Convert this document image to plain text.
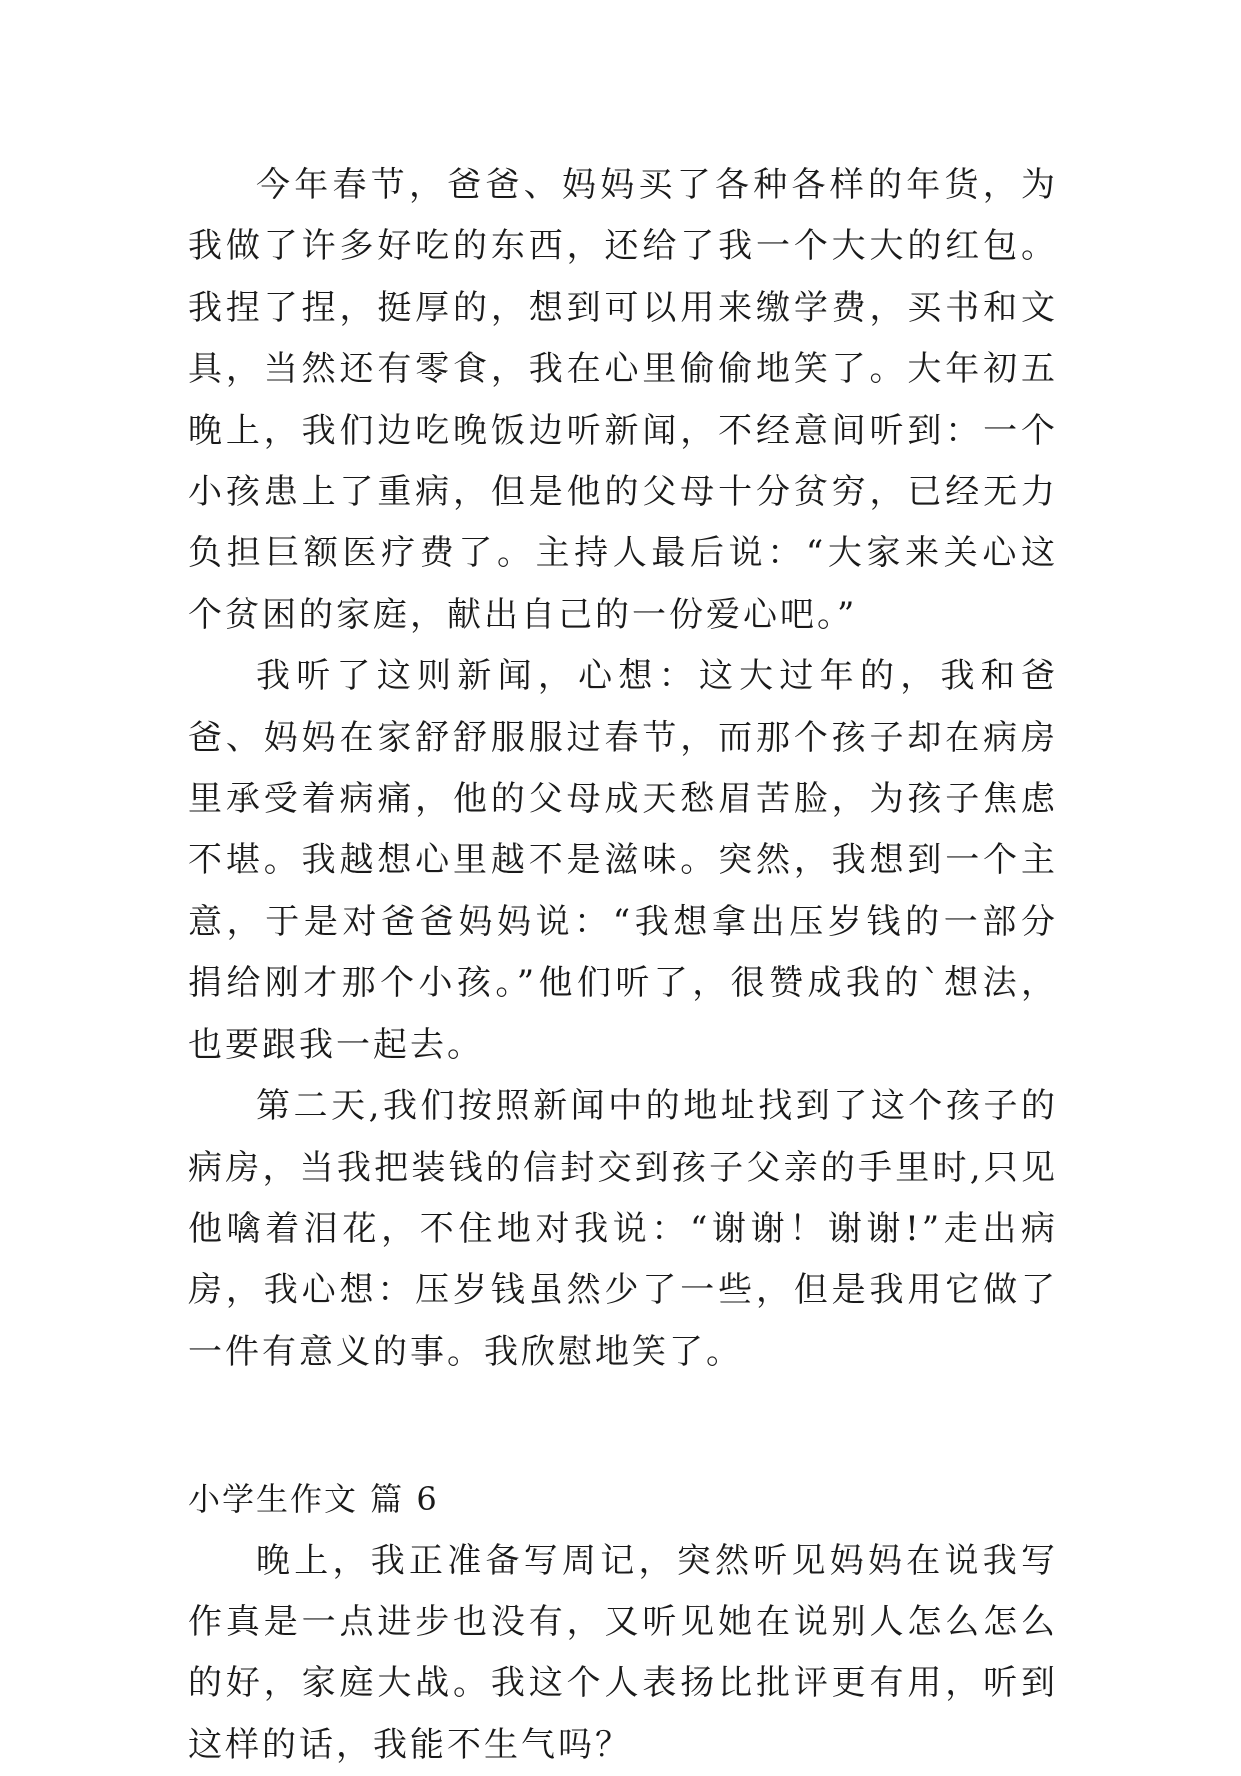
今年春节，爸爸、妈妈买了各种各样的年货，为我做了许多好吃的东西，还给了我一个大大的红包。我捏了捏，挺厚的，想到可以用来缴学费，买书和文具，当然还有零食，我在心里偷偷地笑了。大年初五晚上，我们边吃晚饭边听新闻，不经意间听到：一个小孩患上了重病，但是他的父母十分贫穷，已经无力负担巨额医疗费了。主持人最后说：“大家来关心这个贫困的家庭，献出自己的一份爱心吧。”

我听了这则新闻，心想：这大过年的，我和爸爸、妈妈在家舒舒服服过春节，而那个孩子却在病房里承受着病痛，他的父母成天愁眉苦脸，为孩子焦虑不堪。我越想心里越不是滋味。突然，我想到一个主意，于是对爸爸妈妈说：“我想拿出压岁钱的一部分捐给刚才那个小孩。”他们听了，很赞成我的`想法，也要跟我一起去。

第二天,我们按照新闻中的地址找到了这个孩子的病房，当我把装钱的信封交到孩子父亲的手里时,只见他噙着泪花，不住地对我说：“谢谢！谢谢!”走出病房，我心想：压岁钱虽然少了一些，但是我用它做了一件有意义的事。我欣慰地笑了。

小学生作文 篇 6

晚上，我正准备写周记，突然听见妈妈在说我写作真是一点进步也没有，又听见她在说别人怎么怎么的好，家庭大战。我这个人表扬比批评更有用，听到这样的话，我能不生气吗？
